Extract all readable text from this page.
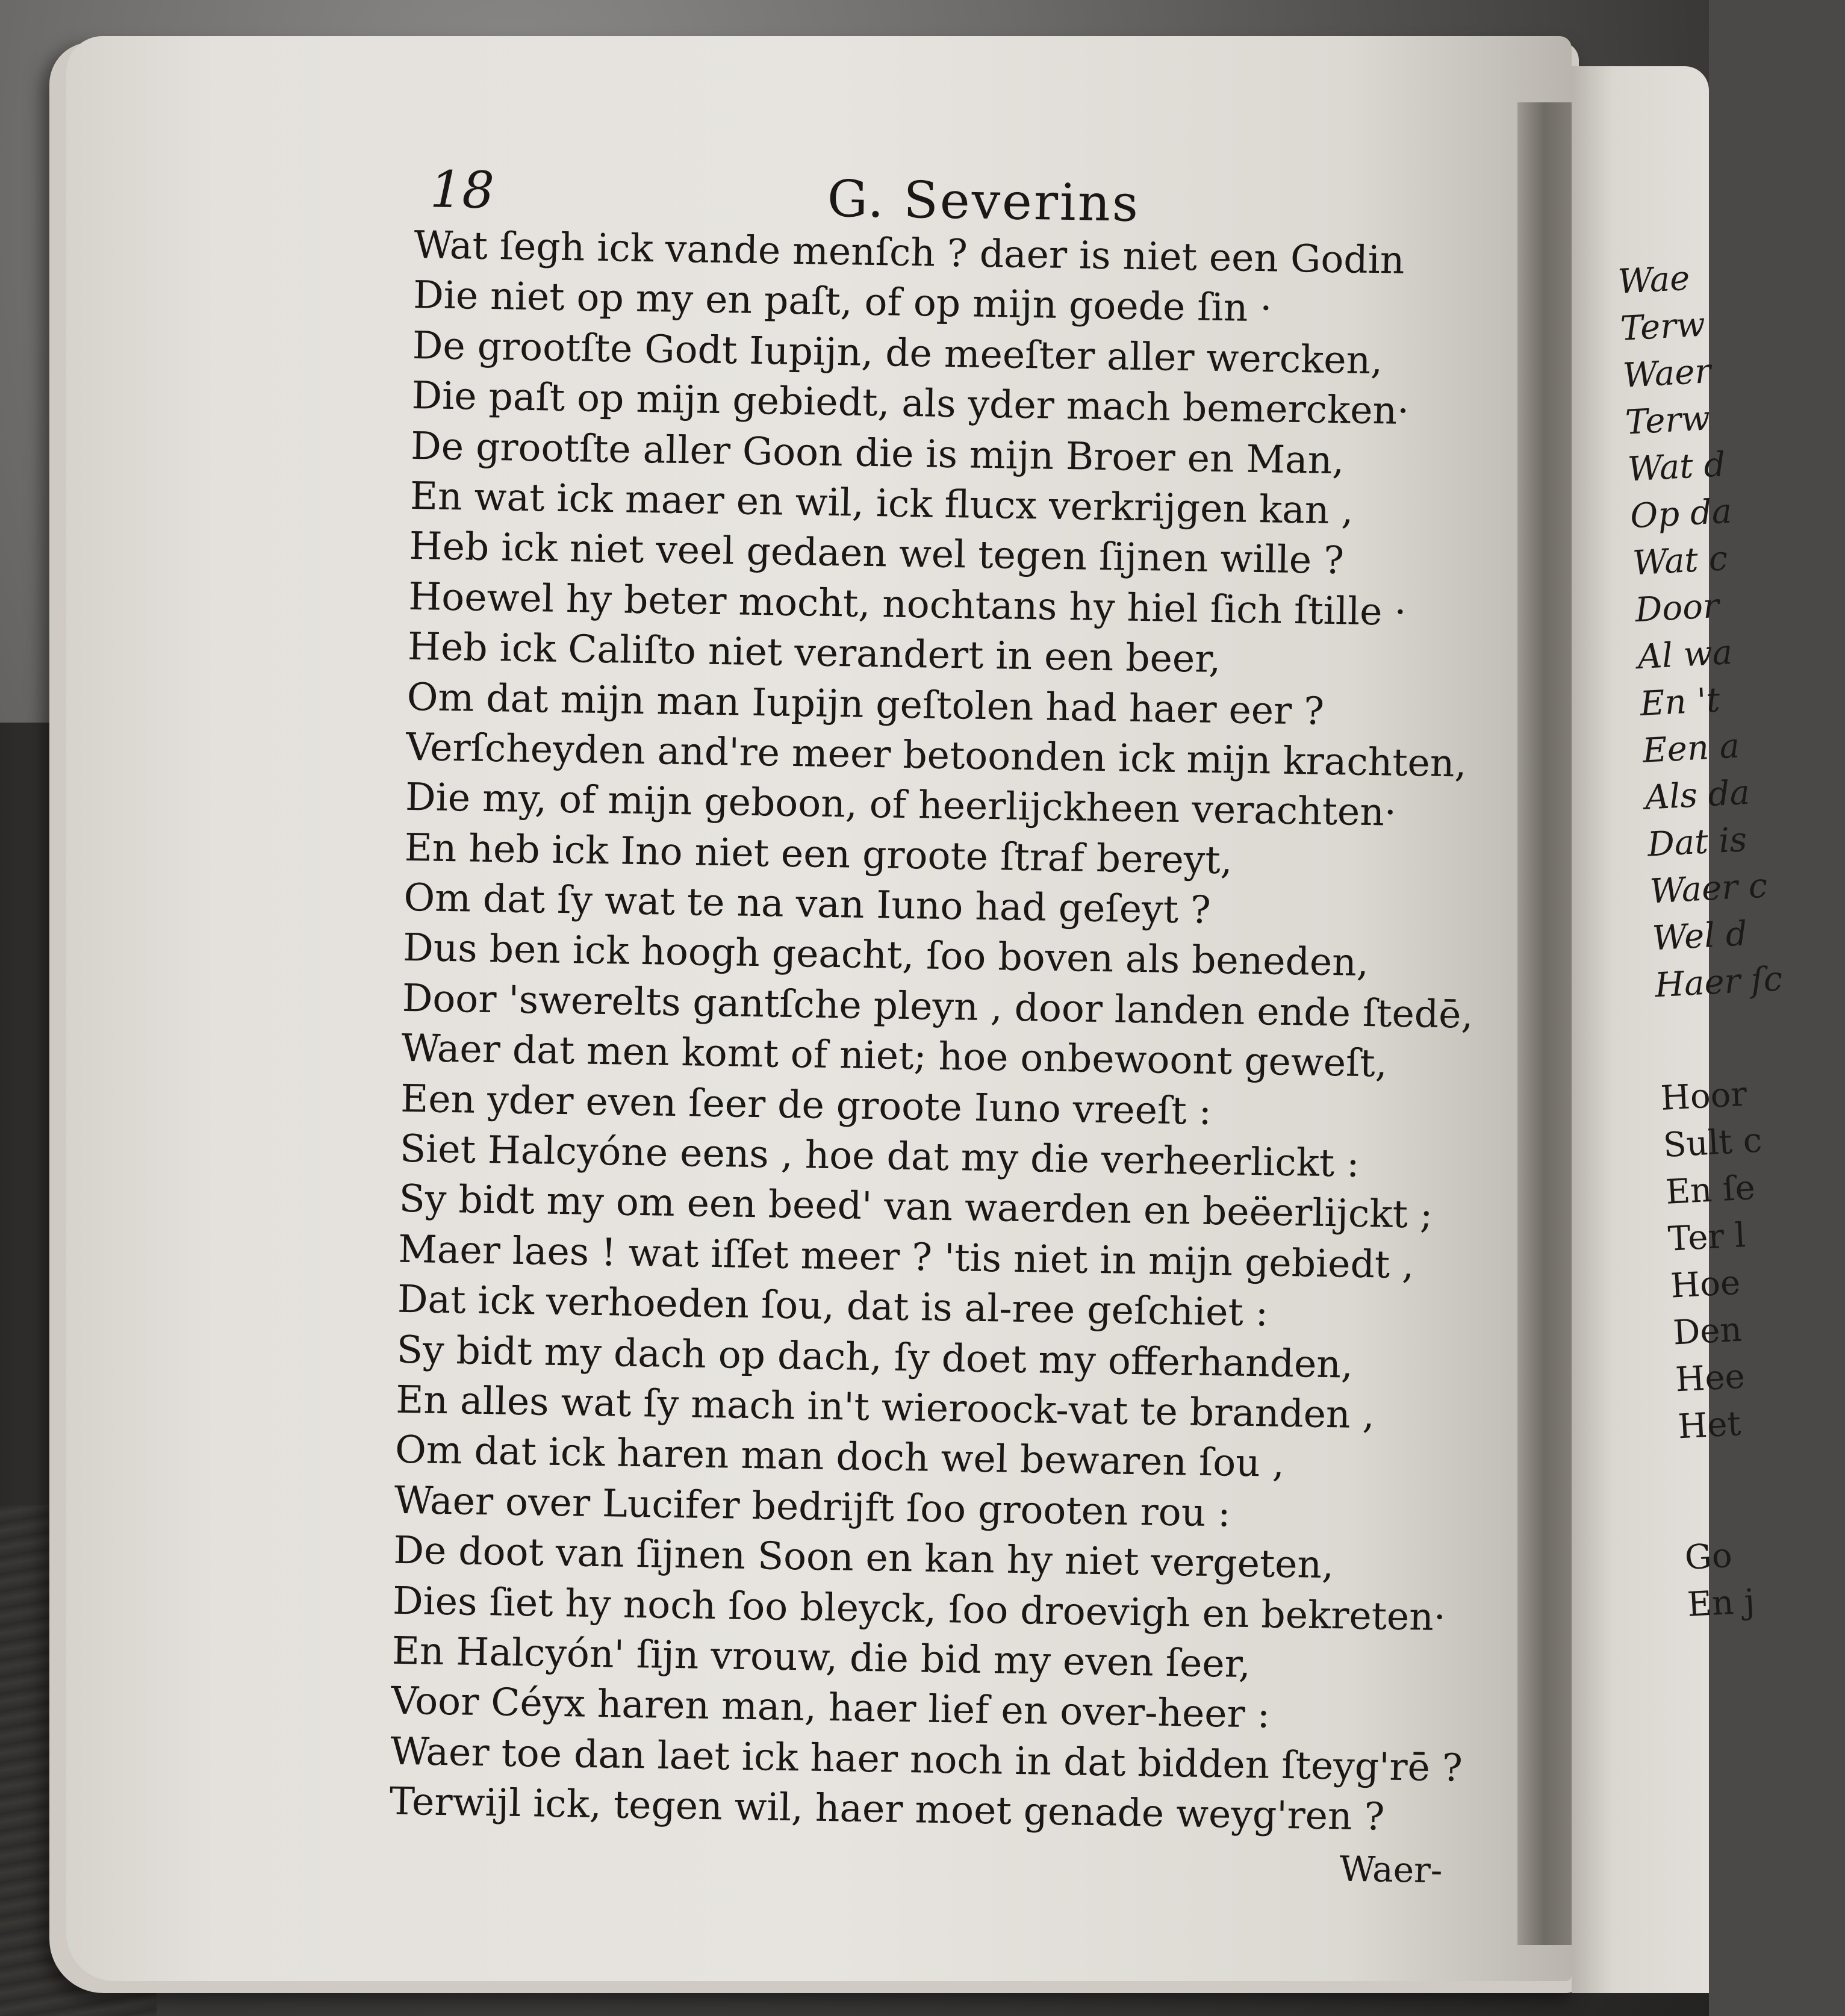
18	G. Severins
Wat ſegh ick vande menſch ? daer is niet een Godin
Die niet op my en paſt, of op mijn goede ſin ·
De grootſte Godt Iupijn, de meeſter aller wercken,
Die paſt op mijn gebiedt, als yder mach bemercken·
De grootſte aller Goon die is mijn Broer en Man,
En wat ick maer en wil, ick flucx verkrijgen kan ,
Heb ick niet veel gedaen wel tegen ſijnen wille ?
Hoewel hy beter mocht, nochtans hy hiel ſich ſtille ·
Heb ick Caliſto niet verandert in een beer,
Om dat mijn man Iupijn geſtolen had haer eer ?
Verſcheyden and're meer betoonden ick mijn krachten,
Die my, of mijn geboon, of heerlijckheen verachten·
En heb ick Ino niet een groote ſtraf bereyt,
Om dat ſy wat te na van Iuno had geſeyt ?
Dus ben ick hoogh geacht, ſoo boven als beneden,
Door 'swerelts gantſche pleyn , door landen ende ſtedē,
Waer dat men komt of niet; hoe onbewoont geweſt,
Een yder even ſeer de groote Iuno vreeſt :
Siet Halcyóne eens , hoe dat my die verheerlickt :
Sy bidt my om een beed' van waerden en beëerlijckt ;
Maer laes ! wat iſſet meer ? 'tis niet in mijn gebiedt ,
Dat ick verhoeden ſou, dat is al-ree geſchiet :
Sy bidt my dach op dach, ſy doet my offerhanden,
En alles wat ſy mach in't wieroock-vat te branden ,
Om dat ick haren man doch wel bewaren ſou ,
Waer over Lucifer bedrijft ſoo grooten rou :
De doot van ſijnen Soon en kan hy niet vergeten,
Dies ſiet hy noch ſoo bleyck, ſoo droevigh en bekreten·
En Halcyón' ſijn vrouw, die bid my even ſeer,
Voor Céyx haren man, haer lief en over-heer :
Waer toe dan laet ick haer noch in dat bidden ſteyg'rē ?
Terwijl ick, tegen wil, haer moet genade weyg'ren ?
Waer-
Wae
Terw
Waer
Terw
Wat d
Op da
Wat c
Door
Al wa
En 't
Een a
Als da
Dat is
Waer c
Wel d
Haer ſc
Hoor
Sult c
En ſe
Ter l
Hoe
Den
Hee
Het
Go
En j
